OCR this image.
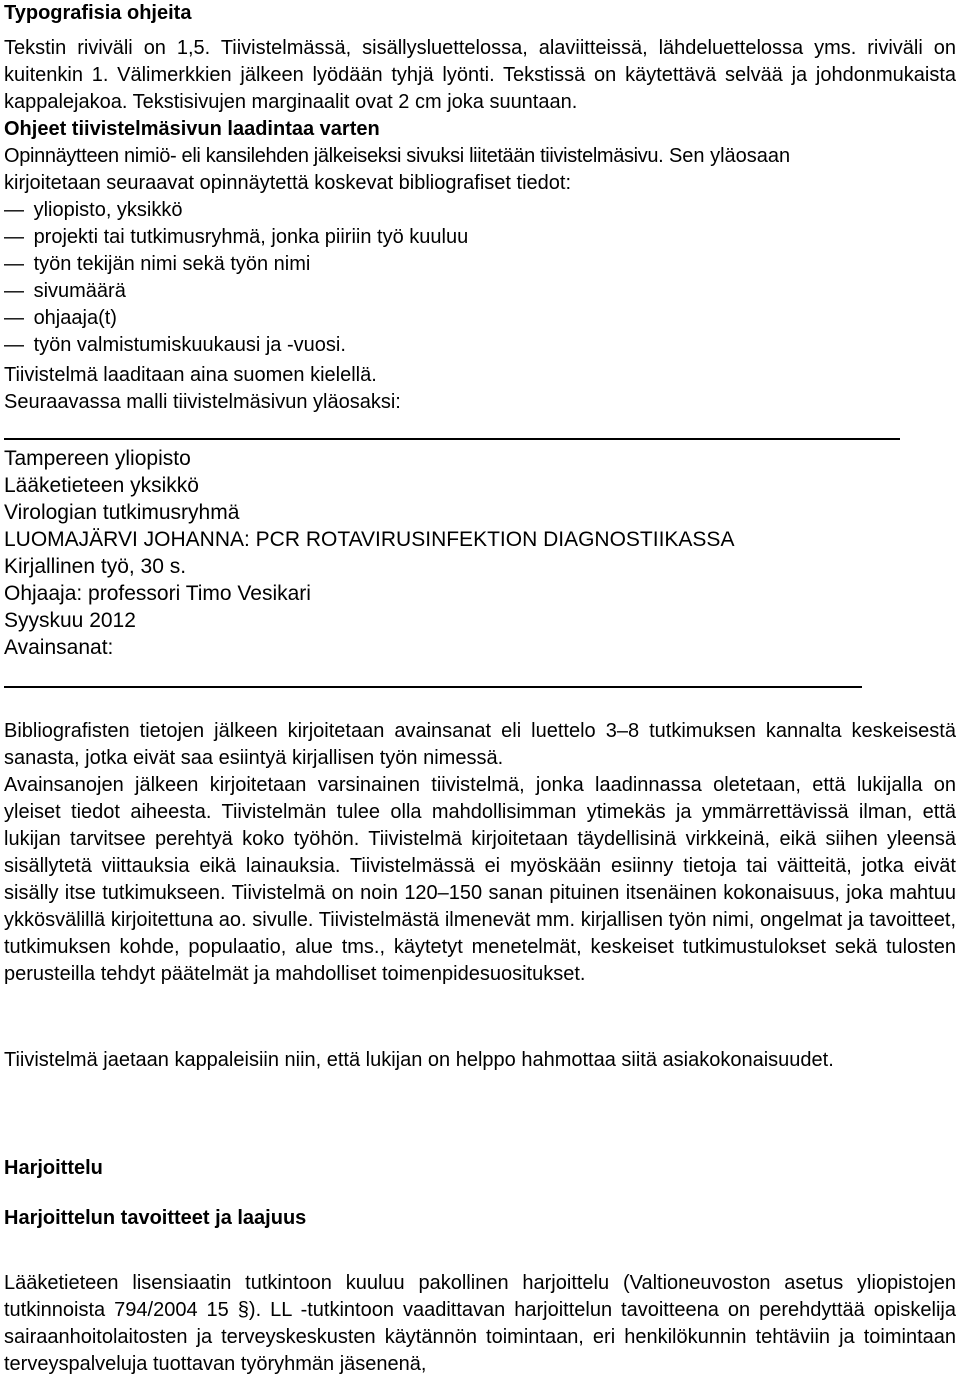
Typografisia ohjeita
Tekstin riviväli on 1,5. Tiivistelmässä, sisällysluettelossa, alaviitteissä, lähdeluettelossa yms. riviväli on kuitenkin 1. Välimerkkien jälkeen lyödään tyhjä lyönti. Tekstissä on käytettävä selvää ja johdonmukaista kappalejakoa. Tekstisivujen marginaalit ovat 2 cm joka suuntaan.
Ohjeet tiivistelmäsivun laadintaa varten
Opinnäytteen nimiö- eli kansilehden jälkeiseksi sivuksi liitetään tiivistelmäsivu. Sen yläosaan
kirjoitetaan seuraavat opinnäytettä koskevat bibliografiset tiedot:
— yliopisto, yksikkö
— projekti tai tutkimusryhmä, jonka piiriin työ kuuluu
— työn tekijän nimi sekä työn nimi
— sivumäärä
— ohjaaja(t)
— työn valmistumiskuukausi ja -vuosi.
Tiivistelmä laaditaan aina suomen kielellä.
Seuraavassa malli tiivistelmäsivun yläosaksi:
Tampereen yliopisto
Lääketieteen yksikkö
Virologian tutkimusryhmä
LUOMAJÄRVI JOHANNA: PCR ROTAVIRUSINFEKTION DIAGNOSTIIKASSA
Kirjallinen työ, 30 s.
Ohjaaja: professori Timo Vesikari
Syyskuu 2012
Avainsanat:
Bibliografisten tietojen jälkeen kirjoitetaan avainsanat eli luettelo 3–8 tutkimuksen kannalta keskeisestä sanasta, jotka eivät saa esiintyä kirjallisen työn nimessä.
Avainsanojen jälkeen kirjoitetaan varsinainen tiivistelmä, jonka laadinnassa oletetaan, että lukijalla on yleiset tiedot aiheesta. Tiivistelmän tulee olla mahdollisimman ytimekäs ja ymmärrettävissä ilman, että lukijan tarvitsee perehtyä koko työhön. Tiivistelmä kirjoitetaan täydellisinä virkkeinä, eikä siihen yleensä sisällytetä viittauksia eikä lainauksia. Tiivistelmässä ei myöskään esiinny tietoja tai väitteitä, jotka eivät sisälly itse tutkimukseen. Tiivistelmä on noin 120–150 sanan pituinen itsenäinen kokonaisuus, joka mahtuu ykkösvälillä kirjoitettuna ao. sivulle. Tiivistelmästä ilmenevät mm. kirjallisen työn nimi, ongelmat ja tavoitteet, tutkimuksen kohde, populaatio, alue tms., käytetyt menetelmät, keskeiset tutkimustulokset sekä tulosten perusteilla tehdyt päätelmät ja mahdolliset toimenpidesuositukset.
Tiivistelmä jaetaan kappaleisiin niin, että lukijan on helppo hahmottaa siitä asiakokonaisuudet.
Harjoittelu
Harjoittelun tavoitteet ja laajuus
Lääketieteen lisensiaatin tutkintoon kuuluu pakollinen harjoittelu (Valtioneuvoston asetus yliopistojen tutkinnoista 794/2004 15 §). LL -tutkintoon vaadittavan harjoittelun tavoitteena on perehdyttää opiskelija sairaanhoitolaitosten ja terveyskeskusten käytännön toimintaan, eri henkilökunnin tehtäviin ja toimintaan terveyspalveluja tuottavan työryhmän jäsenenä,
